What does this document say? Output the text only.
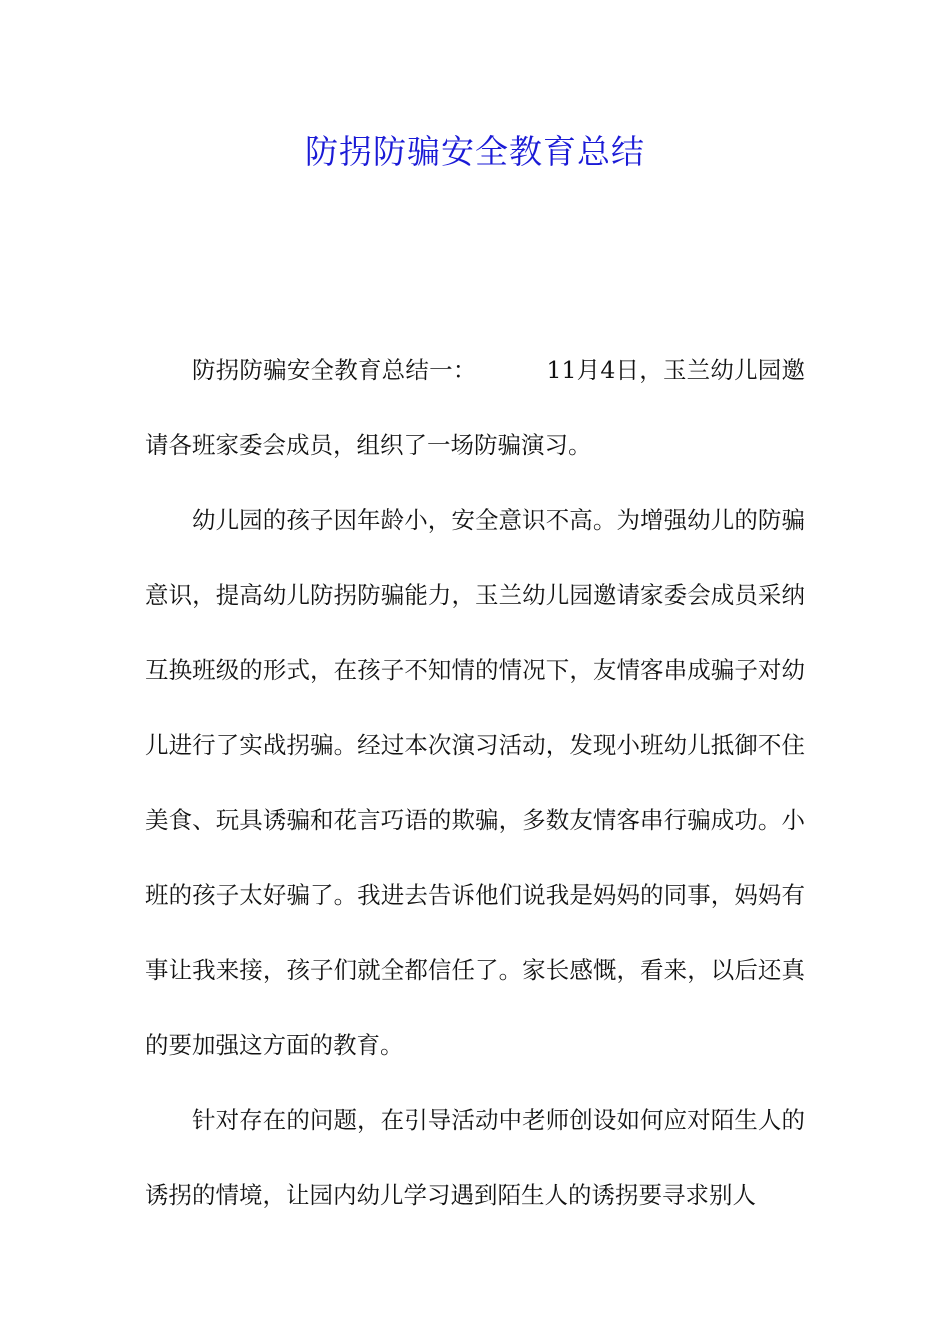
防拐防骗安全教育总结

防拐防骗安全教育总结一：	11月4日，玉兰幼儿园邀请各班家委会成员，组织了一场防骗演习。

幼儿园的孩子因年龄小，安全意识不高。为增强幼儿的防骗意识，提高幼儿防拐防骗能力，玉兰幼儿园邀请家委会成员采纳互换班级的形式，在孩子不知情的情况下，友情客串成骗子对幼儿进行了实战拐骗。经过本次演习活动，发现小班幼儿抵御不住美食、玩具诱骗和花言巧语的欺骗，多数友情客串行骗成功。小班的孩子太好骗了。我进去告诉他们说我是妈妈的同事，妈妈有事让我来接，孩子们就全都信任了。家长感慨，看来，以后还真的要加强这方面的教育。

针对存在的问题，在引导活动中老师创设如何应对陌生人的诱拐的情境，让园内幼儿学习遇到陌生人的诱拐要寻求别人
